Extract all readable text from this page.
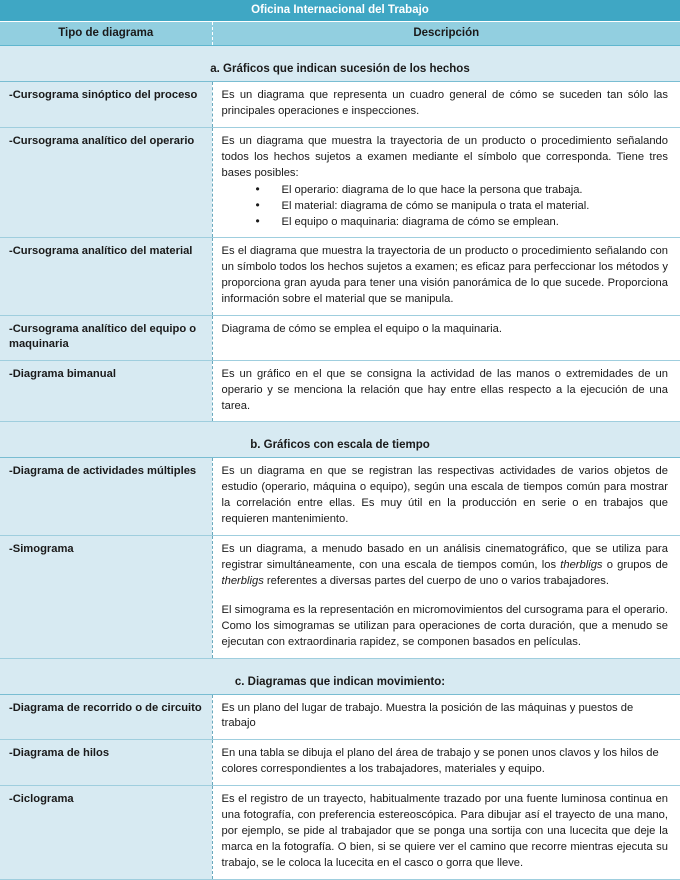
Oficina Internacional del Trabajo	
Tipo de diagrama	Descripción
a. Gráficos que indican sucesión de los hechos	
-Cursograma sinóptico del proceso	Es un diagrama que representa un cuadro general de cómo se suceden tan sólo las principales operaciones e inspecciones.

-Cursograma analítico del operario	Es un diagrama que muestra la trayectoria de un producto o procedimiento señalando todos los hechos sujetos a examen mediante el símbolo que corresponda. Tiene tres bases posibles:

• El operario: diagrama de lo que hace la persona que trabaja.
• El material: diagrama de cómo se manipula o trata el material.
• El equipo o maquinaria: diagrama de cómo se emplean.

-Cursograma analítico del material	Es el diagrama que muestra la trayectoria de un producto o procedimiento señalando con un símbolo todos los hechos sujetos a examen; es eficaz para perfeccionar los métodos y proporciona gran ayuda para tener una visión panorámica de lo que sucede. Proporciona información sobre el material que se manipula.

-Cursograma analítico del equipo o maquinaria	Diagrama de cómo se emplea el equipo o la maquinaria.

-Diagrama bimanual	Es un gráfico en el que se consigna la actividad de las manos o extremidades de un operario y se menciona la relación que hay entre ellas respecto a la ejecución de una tarea.

b. Gráficos con escala de tiempo	
-Diagrama de actividades múltiples	Es un diagrama en que se registran las respectivas actividades de varios objetos de estudio (operario, máquina o equipo), según una escala de tiempos común para mostrar la correlación entre ellas. Es muy útil en la producción en serie o en trabajos que requieren mantenimiento.

-Simograma	Es un diagrama, a menudo basado en un análisis cinematográfico, que se utiliza para registrar simultáneamente, con una escala de tiempos común, los therbligs o grupos de therbligs referentes a diversas partes del cuerpo de uno o varios trabajadores.

El simograma es la representación en micromovimientos del cursograma para el operario. Como los simogramas se utilizan para operaciones de corta duración, que a menudo se ejecutan con extraordinaria rapidez, se componen basados en películas.

c. Diagramas que indican movimiento:	
-Diagrama de recorrido o de circuito	Es un plano del lugar de trabajo. Muestra la posición de las máquinas y puestos de trabajo

-Diagrama de hilos	En una tabla se dibuja el plano del área de trabajo y se ponen unos clavos y los hilos de colores correspondientes a los trabajadores, materiales y equipo.

-Ciclograma	Es el registro de un trayecto, habitualmente trazado por una fuente luminosa continua en una fotografía, con preferencia estereoscópica. Para dibujar así el trayecto de una mano, por ejemplo, se pide al trabajador que se ponga una sortija con una lucecita que deje la marca en la fotografía. O bien, si se quiere ver el camino que recorre mientras ejecuta su trabajo, se le coloca la lucecita en el casco o gorra que lleve.
